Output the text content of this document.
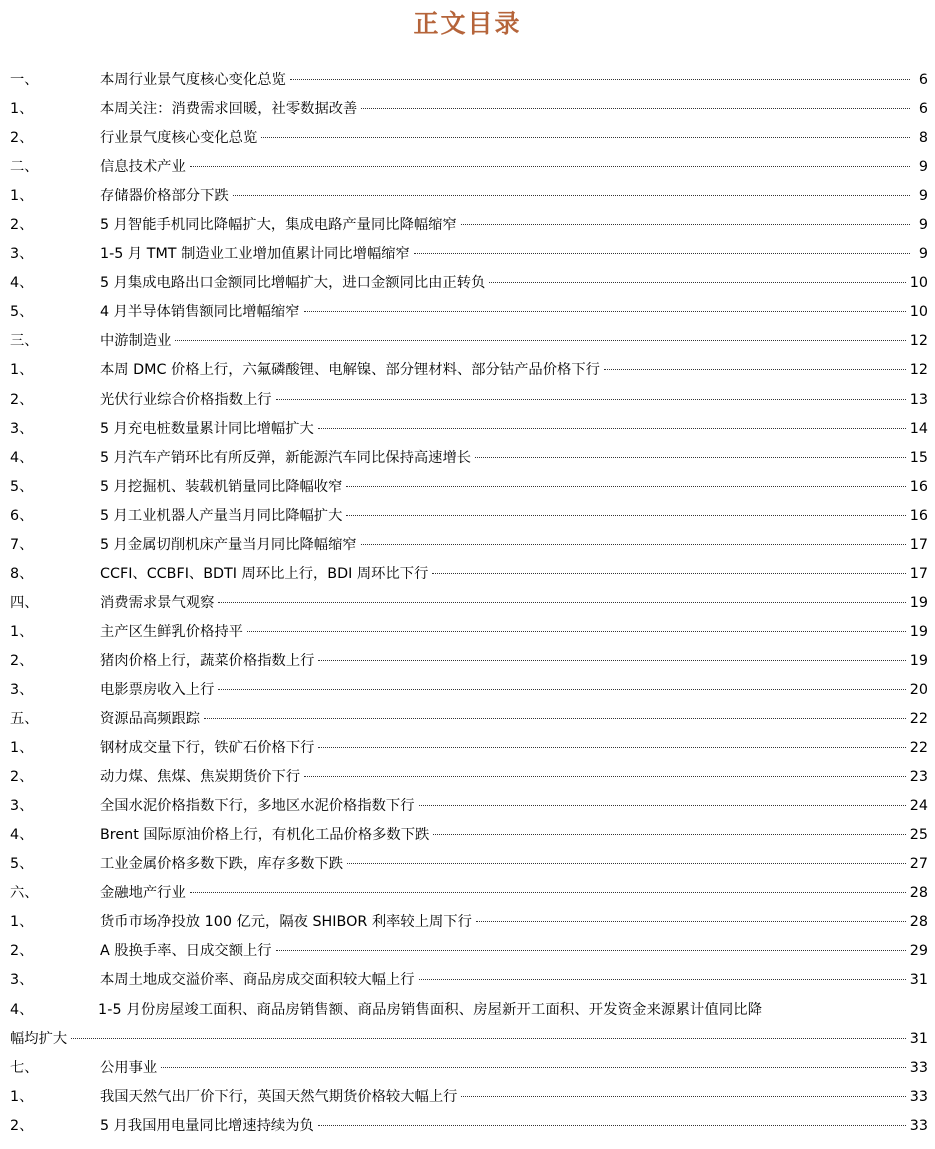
正文目录
一、	本周行业景气度核心变化总览	6
1、	本周关注：消费需求回暖，社零数据改善	6
2、	行业景气度核心变化总览	8
二、	信息技术产业	9
1、	存储器价格部分下跌	9
2、	5 月智能手机同比降幅扩大，集成电路产量同比降幅缩窄	9
3、	1-5 月 TMT 制造业工业增加值累计同比增幅缩窄	9
4、	5 月集成电路出口金额同比增幅扩大，进口金额同比由正转负	10
5、	4 月半导体销售额同比增幅缩窄	10
三、	中游制造业	12
1、	本周 DMC 价格上行，六氟磷酸锂、电解镍、部分锂材料、部分钴产品价格下行	12
2、	光伏行业综合价格指数上行	13
3、	5 月充电桩数量累计同比增幅扩大	14
4、	5 月汽车产销环比有所反弹，新能源汽车同比保持高速增长	15
5、	5 月挖掘机、装载机销量同比降幅收窄	16
6、	5 月工业机器人产量当月同比降幅扩大	16
7、	5 月金属切削机床产量当月同比降幅缩窄	17
8、	CCFI、CCBFI、BDTI 周环比上行，BDI 周环比下行	17
四、	消费需求景气观察	19
1、	主产区生鲜乳价格持平	19
2、	猪肉价格上行，蔬菜价格指数上行	19
3、	电影票房收入上行	20
五、	资源品高频跟踪	22
1、	钢材成交量下行，铁矿石价格下行	22
2、	动力煤、焦煤、焦炭期货价下行	23
3、	全国水泥价格指数下行，多地区水泥价格指数下行	24
4、	Brent 国际原油价格上行，有机化工品价格多数下跌	25
5、	工业金属价格多数下跌，库存多数下跌	27
六、	金融地产行业	28
1、	货币市场净投放 100 亿元，隔夜 SHIBOR 利率较上周下行	28
2、	A 股换手率、日成交额上行	29
3、	本周土地成交溢价率、商品房成交面积较大幅上行	31
4、	1-5 月份房屋竣工面积、商品房销售额、商品房销售面积、房屋新开工面积、开发资金来源累计值同比降
幅均扩大	31
七、	公用事业	33
1、	我国天然气出厂价下行，英国天然气期货价格较大幅上行	33
2、	5 月我国用电量同比增速持续为负	33
